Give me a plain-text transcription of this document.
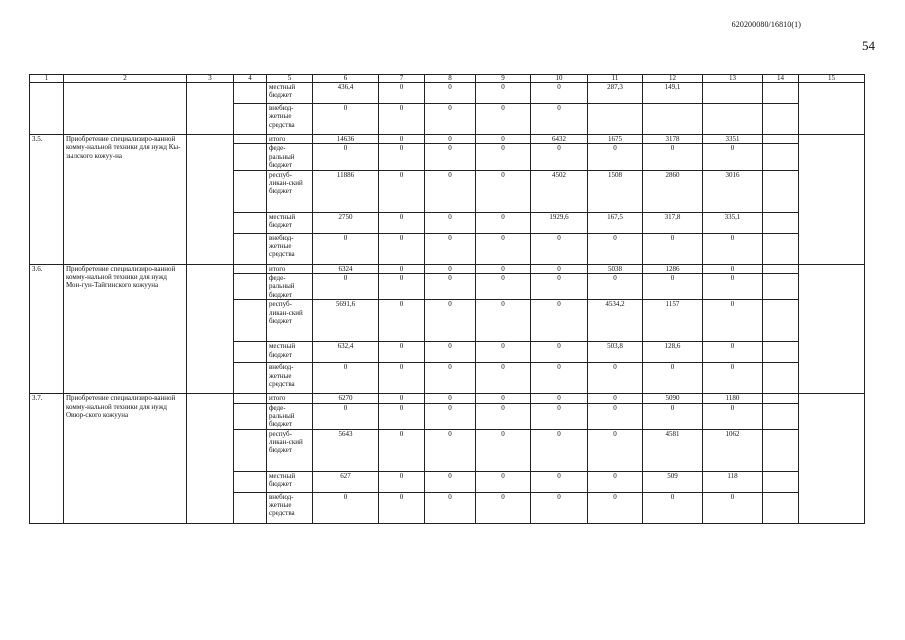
620200080/16810(1)
54
1	2	3	4	5	6	7	8	9	10	11	12	13	14	15
				местный бюджет	436,4	0	0	0	0	287,3	149,1			
				внебюд-жетные средства	0	0	0	0	0					
3.5.	Приобретение специализиро-ванной комму-нальной техники для нужд Кы-зылского кожуу-на			итого	14636	0	0	0	6432	1675	3178	3351		
				феде-ральный бюджет	0	0	0	0	0	0	0	0		
				респуб-ликан-ский бюджет	11886	0	0	0	4502	1508	2860	3016		
				местный бюджет	2750	0	0	0	1929,6	167,5	317,8	335,1		
				внебюд-жетные средства	0	0	0	0	0	0	0	0		
3.6.	Приобретение специализиро-ванной комму-нальной техники для нужд Мон-гун-Тайгинского кожууна			итого	6324	0	0	0	0	5038	1286	0		
				феде-ральный бюджет	0	0	0	0	0	0	0	0		
				респуб-ликан-ский бюджет	5691,6	0	0	0	0	4534,2	1157	0		
				местный бюджет	632,4	0	0	0	0	503,8	128,6	0		
				внебюд-жетные средства	0	0	0	0	0	0	0	0		
3.7.	Приобретение специализиро-ванной комму-нальной техники для нужд Овюр-ского кожууна			итого	6270	0	0	0	0	0	5090	1180		
				феде-ральный бюджет	0	0	0	0	0	0	0	0		
				респуб-ликан-ский бюджет	5643	0	0	0	0	0	4581	1062		
				местный бюджет	627	0	0	0	0	0	509	118		
				внебюд-жетные средства	0	0	0	0	0	0	0	0		
